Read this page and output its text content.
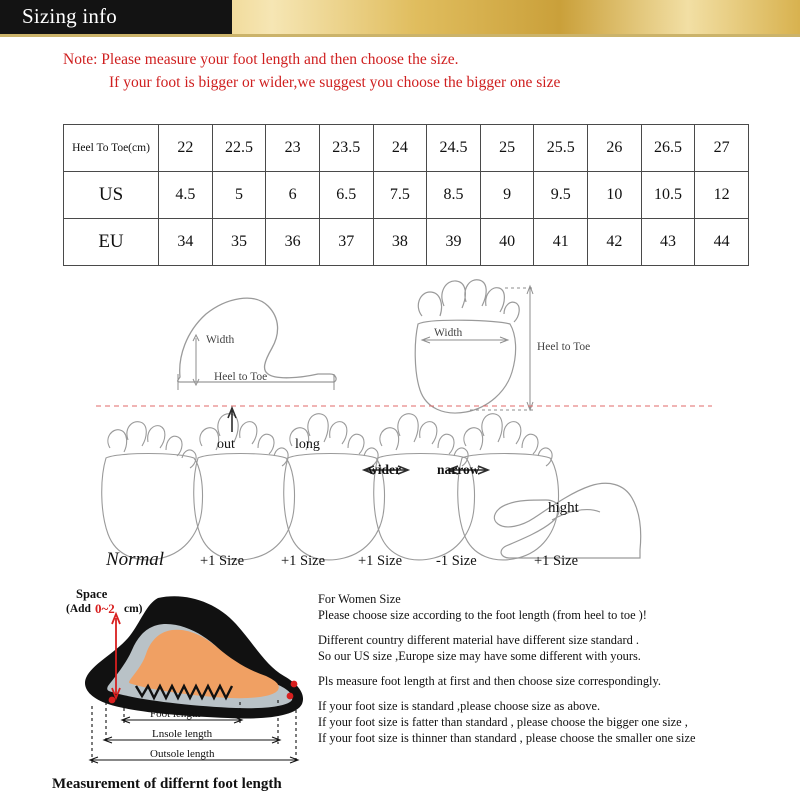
Sizing info
Note: Please measure your foot length and then choose the size.
If your foot is bigger or wider,we suggest you choose the bigger one size
Heel To Toe(cm)	22	22.5	23	23.5	24	24.5	25	25.5	26	26.5	27
US	4.5	5	6	6.5	7.5	8.5	9	9.5	10	10.5	12
EU	34	35	36	37	38	39	40	41	42	43	44
Width
Heel to Toe
Width
Heel to Toe
out	long
wider	narrow
hight
Normal +1 Size	+1 Size +1 Size -1 Size	+1 Size
Space
(Add 0~2 cm)
Foot length
Lnsole length
Outsole length
Measurement of differnt foot length

For Women Size

Please choose size according to the foot length (from heel to toe )!

Different country different material have different size standard .

So our US size ,Europe size may have some different with yours.

Pls measure foot length at first and then choose size correspondingly.

If your foot size is standard ,please choose size as above.

If your foot size is fatter than standard , please choose the bigger one size ,

If your foot size is thinner than standard , please choose the smaller one size
